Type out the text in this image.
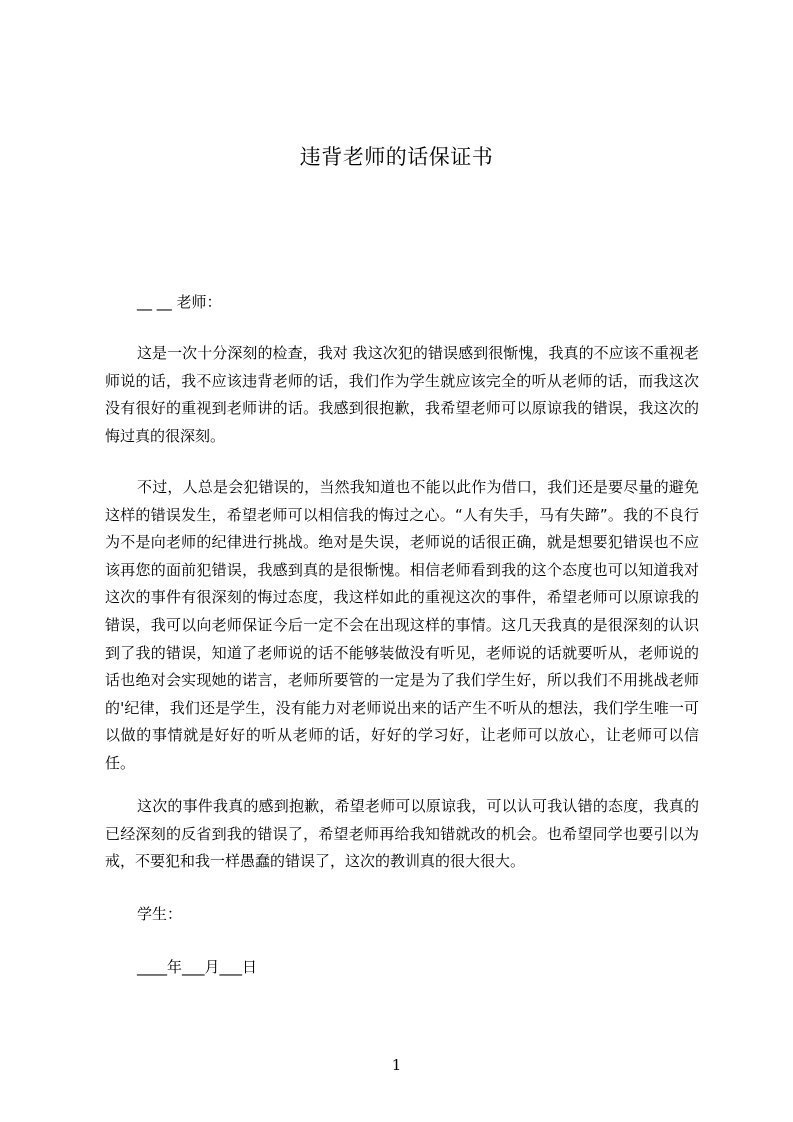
违背老师的话保证书
__ __ 老师：

这是一次十分深刻的检查，我对 我这次犯的错误感到很惭愧，我真的不应该不重视老师说的话，我不应该违背老师的话，我们作为学生就应该完全的听从老师的话，而我这次没有很好的重视到老师讲的话。我感到很抱歉，我希望老师可以原谅我的错误，我这次的悔过真的很深刻。

不过，人总是会犯错误的，当然我知道也不能以此作为借口，我们还是要尽量的避免这样的错误发生，希望老师可以相信我的悔过之心。“人有失手，马有失蹄”。我的不良行为不是向老师的纪律进行挑战。绝对是失误，老师说的话很正确，就是想要犯错误也不应该再您的面前犯错误，我感到真的是很惭愧。相信老师看到我的这个态度也可以知道我对这次的事件有很深刻的悔过态度，我这样如此的重视这次的事件，希望老师可以原谅我的错误，我可以向老师保证今后一定不会在出现这样的事情。这几天我真的是很深刻的认识到了我的错误，知道了老师说的话不能够装做没有听见，老师说的话就要听从，老师说的话也绝对会实现她的诺言，老师所要管的一定是为了我们学生好，所以我们不用挑战老师的'纪律，我们还是学生，没有能力对老师说出来的话产生不听从的想法，我们学生唯一可以做的事情就是好好的听从老师的话，好好的学习好，让老师可以放心，让老师可以信任。

这次的事件我真的感到抱歉，希望老师可以原谅我，可以认可我认错的态度，我真的已经深刻的反省到我的错误了，希望老师再给我知错就改的机会。也希望同学也要引以为戒，不要犯和我一样愚蠢的错误了，这次的教训真的很大很大。

学生：
____年___月___日
1
